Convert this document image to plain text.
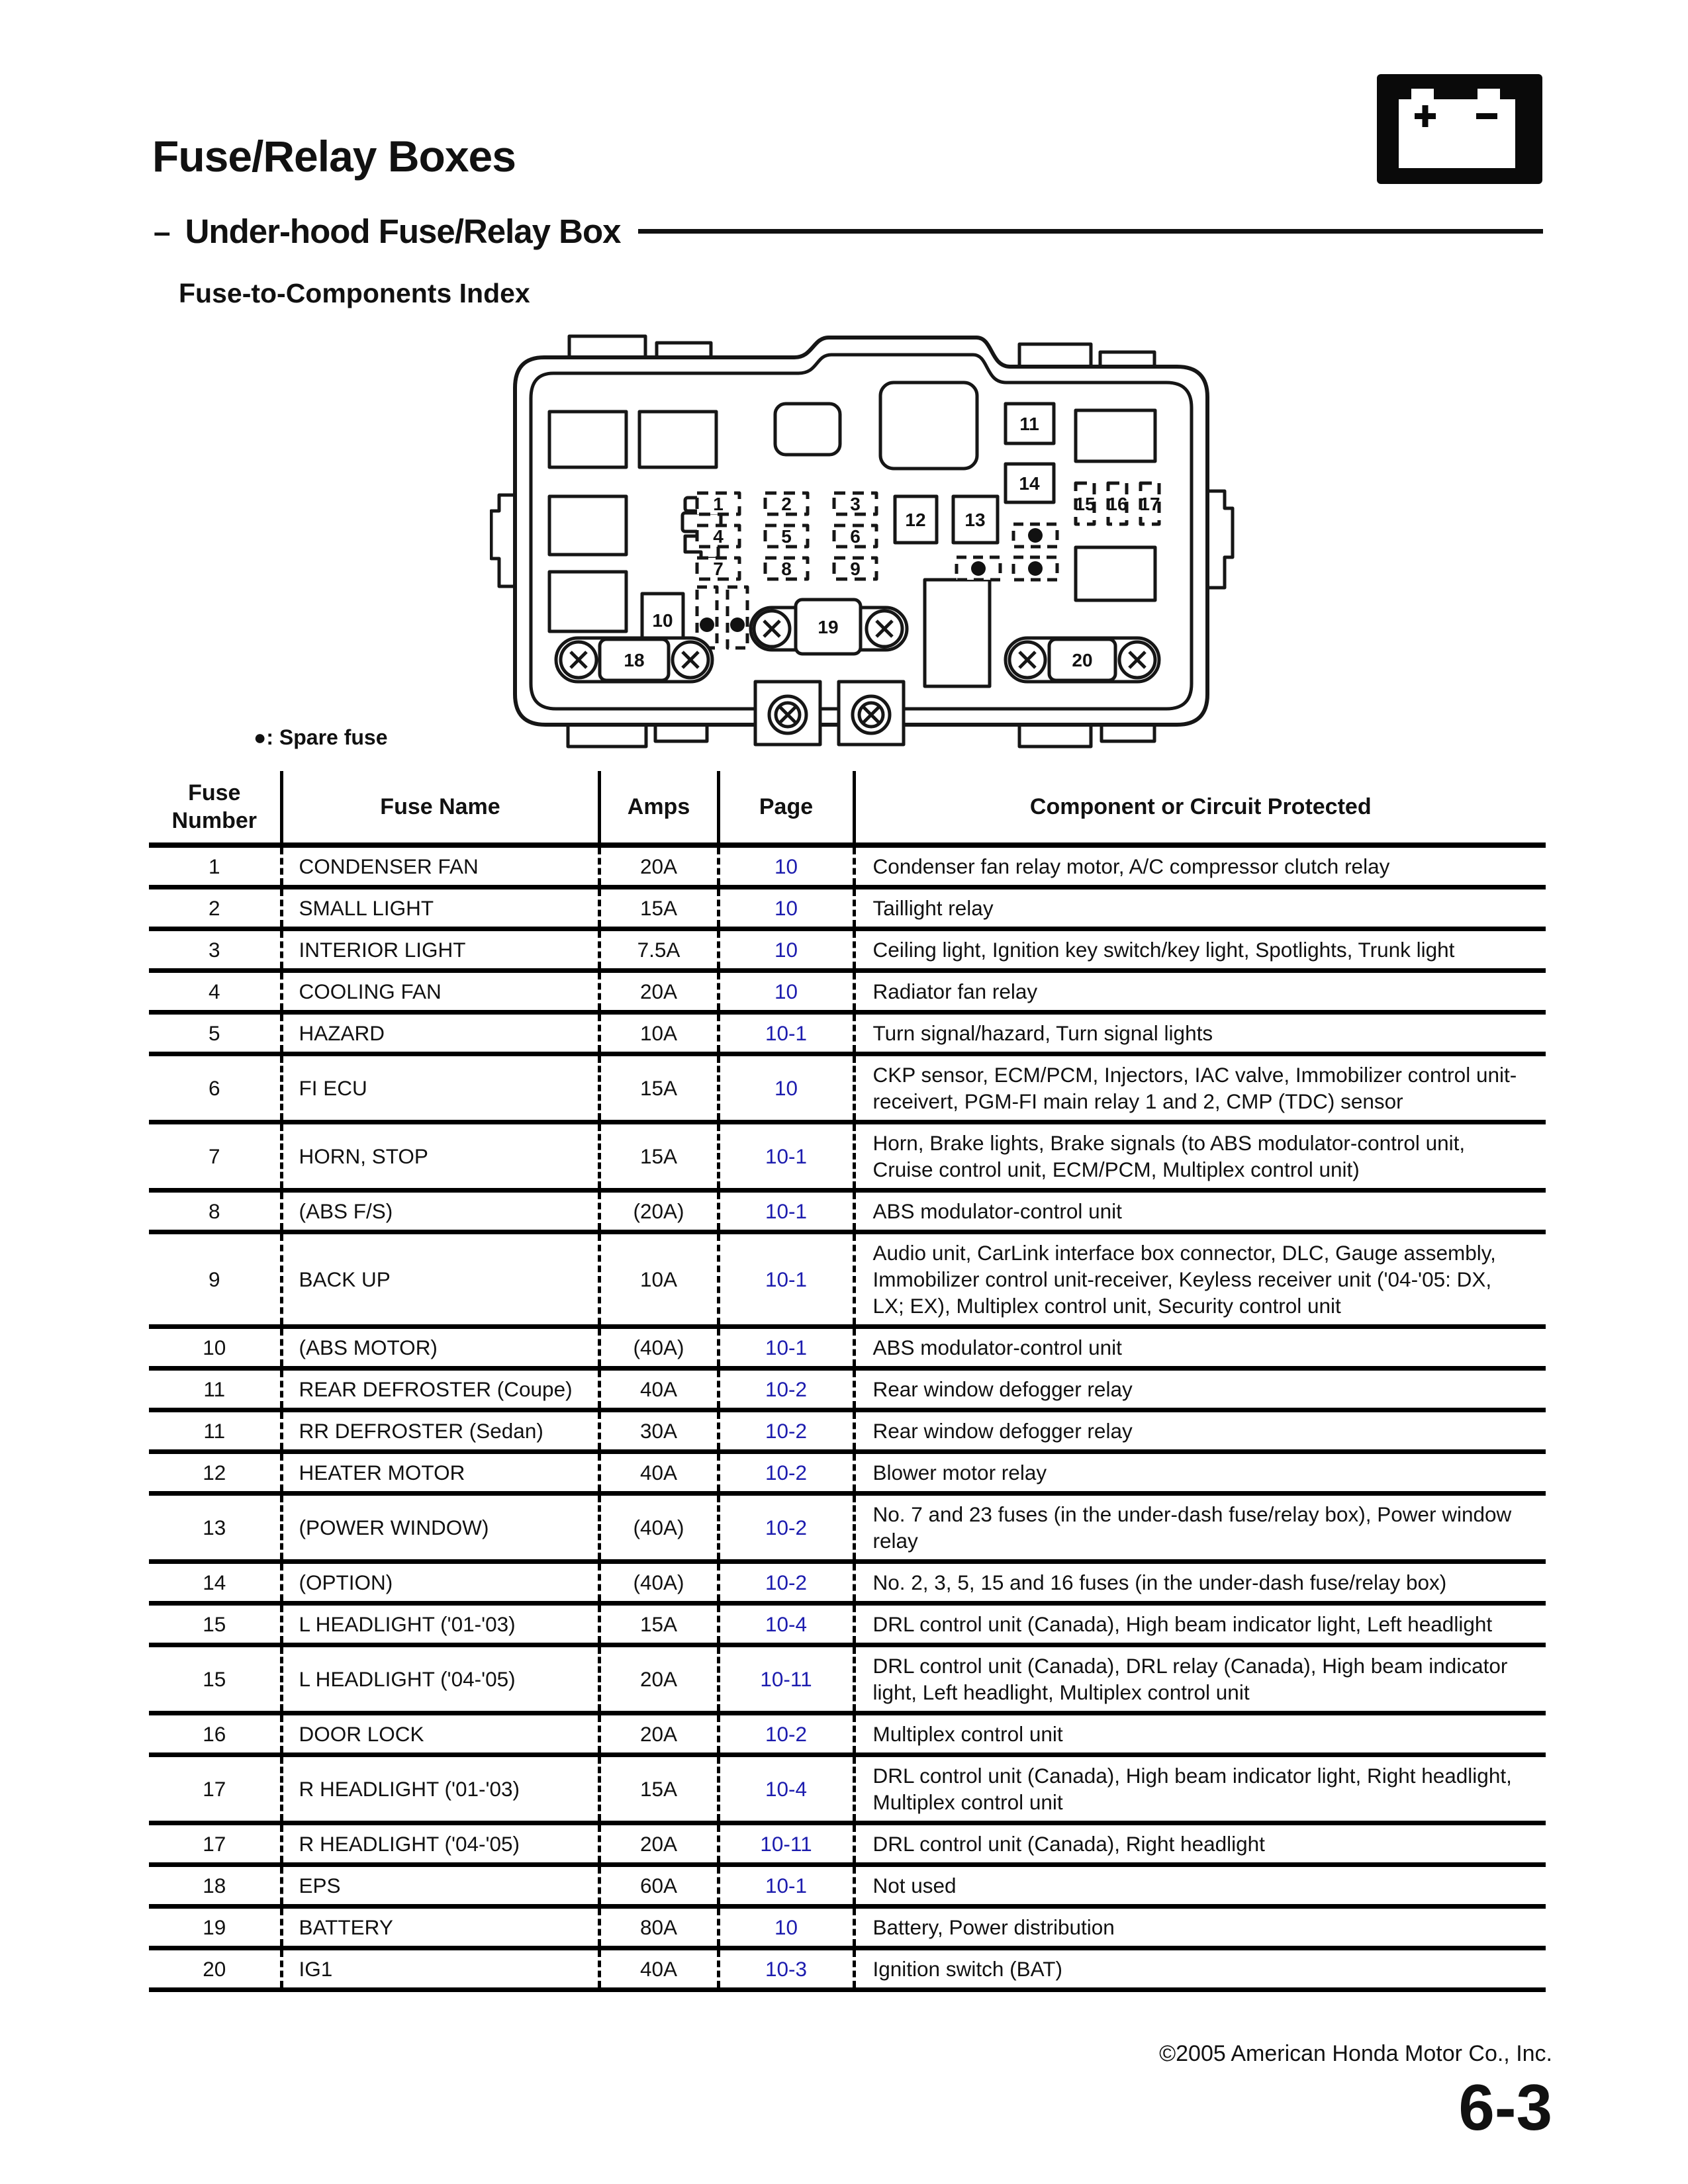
Fuse/Relay Boxes
– Under-hood Fuse/Relay Box
Fuse-to-Components Index
1	2	3
4	5	6
7	8	9
10
11
12 13
14
15 16 17
18
19
20
●: Spare fuse
Fuse Number	Fuse Name	Amps	Page	Component or Circuit Protected
1	CONDENSER FAN	20A	10	Condenser fan relay motor, A/C compressor clutch relay
2	SMALL LIGHT	15A	10	Taillight relay
3	INTERIOR LIGHT	7.5A	10	Ceiling light, Ignition key switch/key light, Spotlights, Trunk light
4	COOLING FAN	20A	10	Radiator fan relay
5	HAZARD	10A	10-1	Turn signal/hazard, Turn signal lights
6	FI ECU	15A	10	CKP sensor, ECM/PCM, Injectors, IAC valve, Immobilizer control unit-receivert, PGM-FI main relay 1 and 2, CMP (TDC) sensor
7	HORN, STOP	15A	10-1	Horn, Brake lights, Brake signals (to ABS modulator-control unit, Cruise control unit, ECM/PCM, Multiplex control unit)
8	(ABS F/S)	(20A)	10-1	ABS modulator-control unit
9	BACK UP	10A	10-1	Audio unit, CarLink interface box connector, DLC, Gauge assembly, Immobilizer control unit-receiver, Keyless receiver unit ('04-'05: DX, LX; EX), Multiplex control unit, Security control unit
10	(ABS MOTOR)	(40A)	10-1	ABS modulator-control unit
11	REAR DEFROSTER (Coupe)	40A	10-2	Rear window defogger relay
11	RR DEFROSTER (Sedan)	30A	10-2	Rear window defogger relay
12	HEATER MOTOR	40A	10-2	Blower motor relay
13	(POWER WINDOW)	(40A)	10-2	No. 7 and 23 fuses (in the under-dash fuse/relay box), Power window relay
14	(OPTION)	(40A)	10-2	No. 2, 3, 5, 15 and 16 fuses (in the under-dash fuse/relay box)
15	L HEADLIGHT ('01-'03)	15A	10-4	DRL control unit (Canada), High beam indicator light, Left headlight
15	L HEADLIGHT ('04-'05)	20A	10-11	DRL control unit (Canada), DRL relay (Canada), High beam indicator light, Left headlight, Multiplex control unit
16	DOOR LOCK	20A	10-2	Multiplex control unit
17	R HEADLIGHT ('01-'03)	15A	10-4	DRL control unit (Canada), High beam indicator light, Right headlight, Multiplex control unit
17	R HEADLIGHT ('04-'05)	20A	10-11	DRL control unit (Canada), Right headlight
18	EPS	60A	10-1	Not used
19	BATTERY	80A	10	Battery, Power distribution
20	IG1	40A	10-3	Ignition switch (BAT)
©2005 American Honda Motor Co., Inc.
6-3
